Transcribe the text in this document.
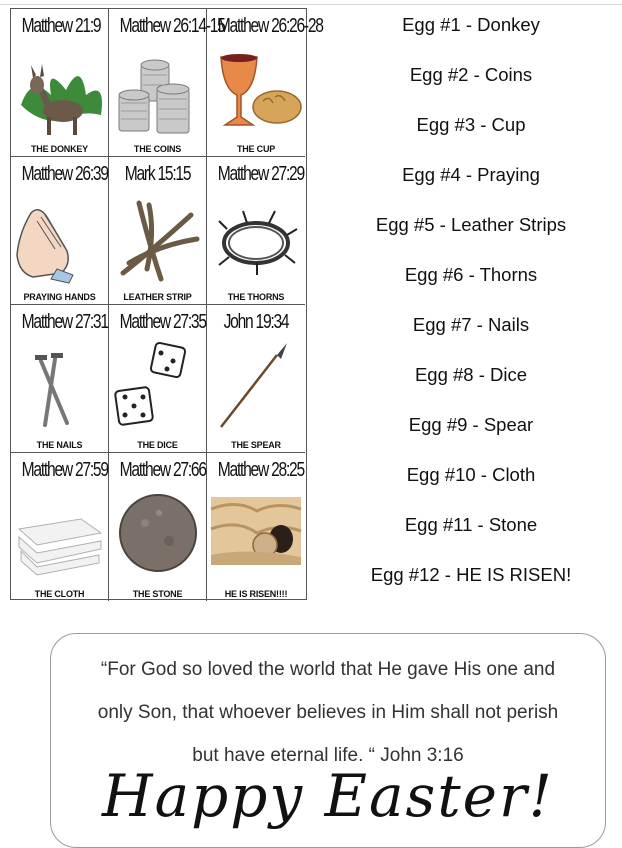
Matthew 21:9
THE DONKEY
Matthew 26:14-15
THE COINS
Matthew 26:26-28
THE CUP
Matthew 26:39
PRAYING HANDS
Mark 15:15
LEATHER STRIP
Matthew 27:29
THE THORNS
Matthew 27:31
THE NAILS
Matthew 27:35
THE DICE
John 19:34
THE SPEAR
Matthew 27:59
THE CLOTH
Matthew 27:66
THE STONE
Matthew 28:25
HE IS RISEN!!!!
Egg #1 - Donkey
Egg #2 - Coins
Egg #3 - Cup
Egg #4 - Praying
Egg #5 - Leather Strips
Egg #6 - Thorns
Egg #7 - Nails
Egg #8 - Dice
Egg #9 - Spear
Egg #10 - Cloth
Egg #11 - Stone
Egg #12 - HE IS RISEN!
“For God so loved the world that He gave His one and
only Son, that whoever believes in Him shall not perish
but have eternal life. “ John 3:16
Happy Easter!
